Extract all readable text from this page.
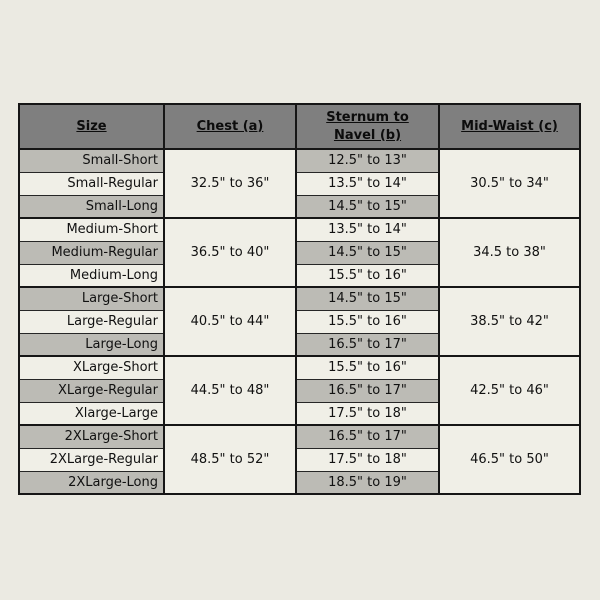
Size	Chest (a)	Sternum to Navel (b)	Mid-Waist (c)
Small-Short	32.5" to 36"	12.5" to 13"	30.5" to 34"
Small-Regular		13.5" to 14"	
Small-Long		14.5" to 15"	
Medium-Short	36.5" to 40"	13.5" to 14"	34.5 to 38"
Medium-Regular		14.5" to 15"	
Medium-Long		15.5" to 16"	
Large-Short	40.5" to 44"	14.5" to 15"	38.5" to 42"
Large-Regular		15.5" to 16"	
Large-Long		16.5" to 17"	
XLarge-Short	44.5" to 48"	15.5" to 16"	42.5" to 46"
XLarge-Regular		16.5" to 17"	
Xlarge-Large		17.5" to 18"	
2XLarge-Short	48.5" to 52"	16.5" to 17"	46.5" to 50"
2XLarge-Regular		17.5" to 18"	
2XLarge-Long		18.5" to 19"	
